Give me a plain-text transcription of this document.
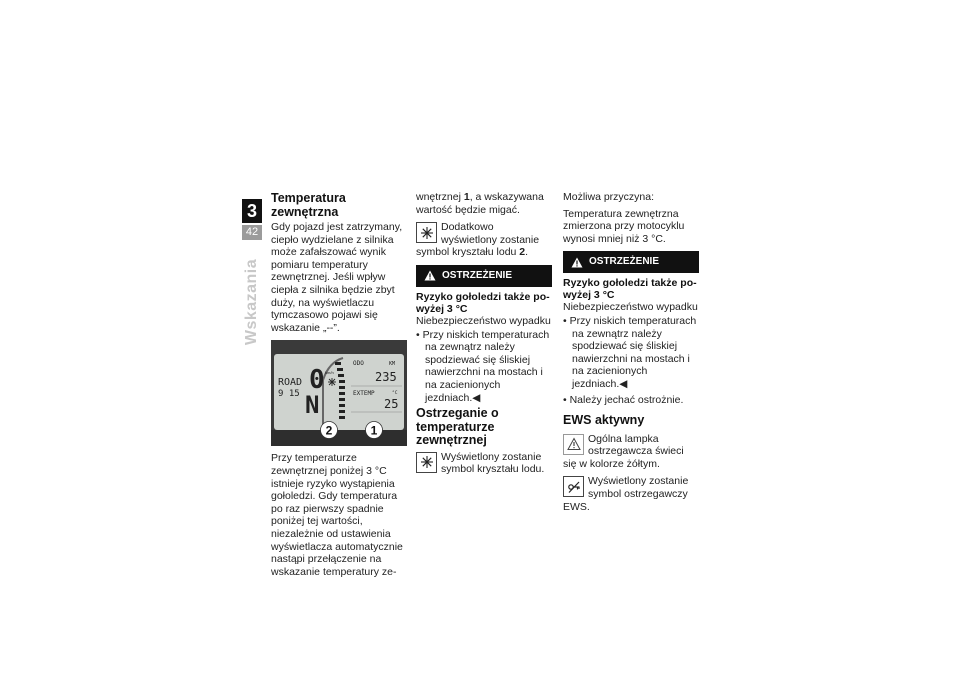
3
42
Wskazania
Temperatura zewnętrzna

Gdy pojazd jest zatrzymany, ciepło wydzielane z silnika może zafałszować wynik pomiaru temperatury zewnętrznej. Jeśli wpływ ciepła z silnika będzie zbyt duży, na wyświetlaczu tymczasowo pojawi się wskazanie „--”.

0
ROAD
9 15 N
km/h
ODO	KM
235
EXTEMP	°C
25
2	1

Przy temperaturze zewnętrznej poniżej 3 °C istnieje ryzyko wystąpienia gołoledzi. Gdy temperatura po raz pierwszy spadnie poniżej tej wartości, niezależnie od ustawienia wyświetlacza automatycznie nastąpi przełączenie na wskazanie temperatury ze-

wnętrznej 1, a wskazywana wartość będzie migać.

Dodatkowo wyświetlony zostanie symbol kryształu lodu 2.
OSTRZEŻENIE
Ryzyko gołoledzi także powyżej 3 °C

Niebezpieczeństwo wypadku

• Przy niskich temperaturach na zewnątrz należy spodziewać się śliskiej nawierzchni na mostach i na zacienionych jezdniach.◀

Ostrzeganie o temperaturze zewnętrznej
Wyświetlony zostanie symbol kryształu lodu.

Możliwa przyczyna:

Temperatura zewnętrzna zmierzona przy motocyklu wynosi mniej niż 3 °C.

OSTRZEŻENIE
Ryzyko gołoledzi także powyżej 3 °C

Niebezpieczeństwo wypadku

• Przy niskich temperaturach na zewnątrz należy spodziewać się śliskiej nawierzchni na mostach i na zacienionych jezdniach.◀

• Należy jechać ostrożnie.

EWS aktywny
Ogólna lampka ostrzegawcza świeci się w kolorze żółtym.
Wyświetlony zostanie symbol ostrzegawczy EWS.
